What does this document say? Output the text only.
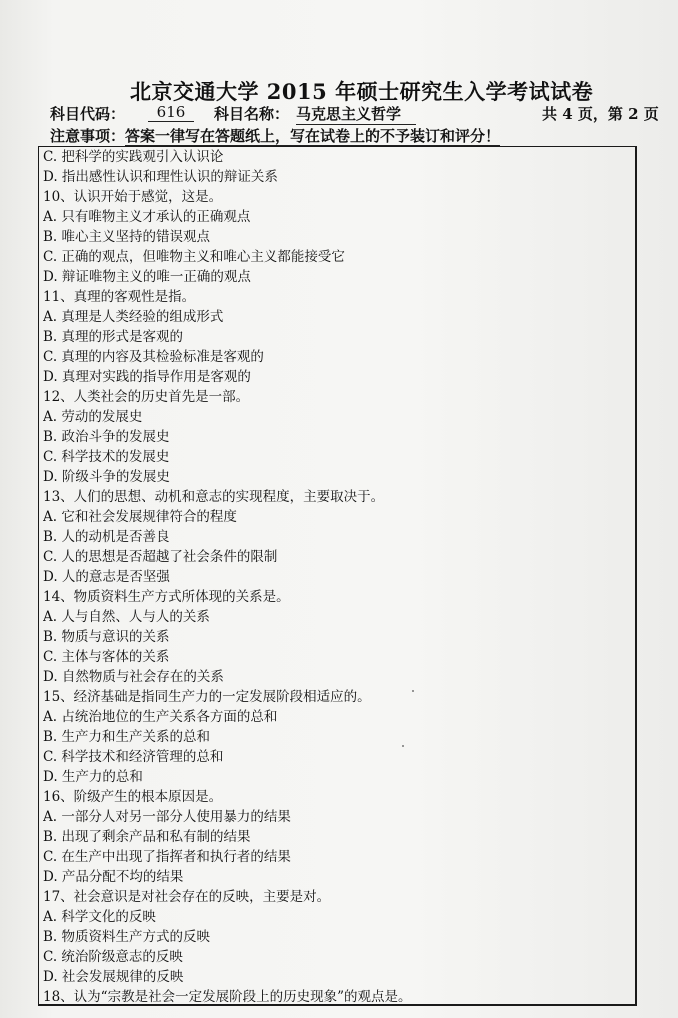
北京交通大学 2015 年硕士研究生入学考试试卷
科目代码：	616	科目名称： 马克思主义哲学	共 4 页，第 2 页
注意事项：答案一律写在答题纸上，写在试卷上的不予装订和评分！
C. 把科学的实践观引入认识论
D. 指出感性认识和理性认识的辩证关系
10、认识开始于感觉，这是。
A. 只有唯物主义才承认的正确观点
B. 唯心主义坚持的错误观点
C. 正确的观点，但唯物主义和唯心主义都能接受它
D. 辩证唯物主义的唯一正确的观点
11、真理的客观性是指。
A. 真理是人类经验的组成形式
B. 真理的形式是客观的
C. 真理的内容及其检验标准是客观的
D. 真理对实践的指导作用是客观的
12、人类社会的历史首先是一部。
A. 劳动的发展史
B. 政治斗争的发展史
C. 科学技术的发展史
D. 阶级斗争的发展史
13、人们的思想、动机和意志的实现程度，主要取决于。
A. 它和社会发展规律符合的程度
B. 人的动机是否善良
C. 人的思想是否超越了社会条件的限制
D. 人的意志是否坚强
14、物质资料生产方式所体现的关系是。
A. 人与自然、人与人的关系
B. 物质与意识的关系
C. 主体与客体的关系
D. 自然物质与社会存在的关系
15、经济基础是指同生产力的一定发展阶段相适应的。
A. 占统治地位的生产关系各方面的总和
B. 生产力和生产关系的总和
C. 科学技术和经济管理的总和
D. 生产力的总和
16、阶级产生的根本原因是。
A. 一部分人对另一部分人使用暴力的结果
B. 出现了剩余产品和私有制的结果
C. 在生产中出现了指挥者和执行者的结果
D. 产品分配不均的结果
17、社会意识是对社会存在的反映，主要是对。
A. 科学文化的反映
B. 物质资料生产方式的反映
C. 统治阶级意志的反映
D. 社会发展规律的反映
18、认为“宗教是社会一定发展阶段上的历史现象”的观点是。
